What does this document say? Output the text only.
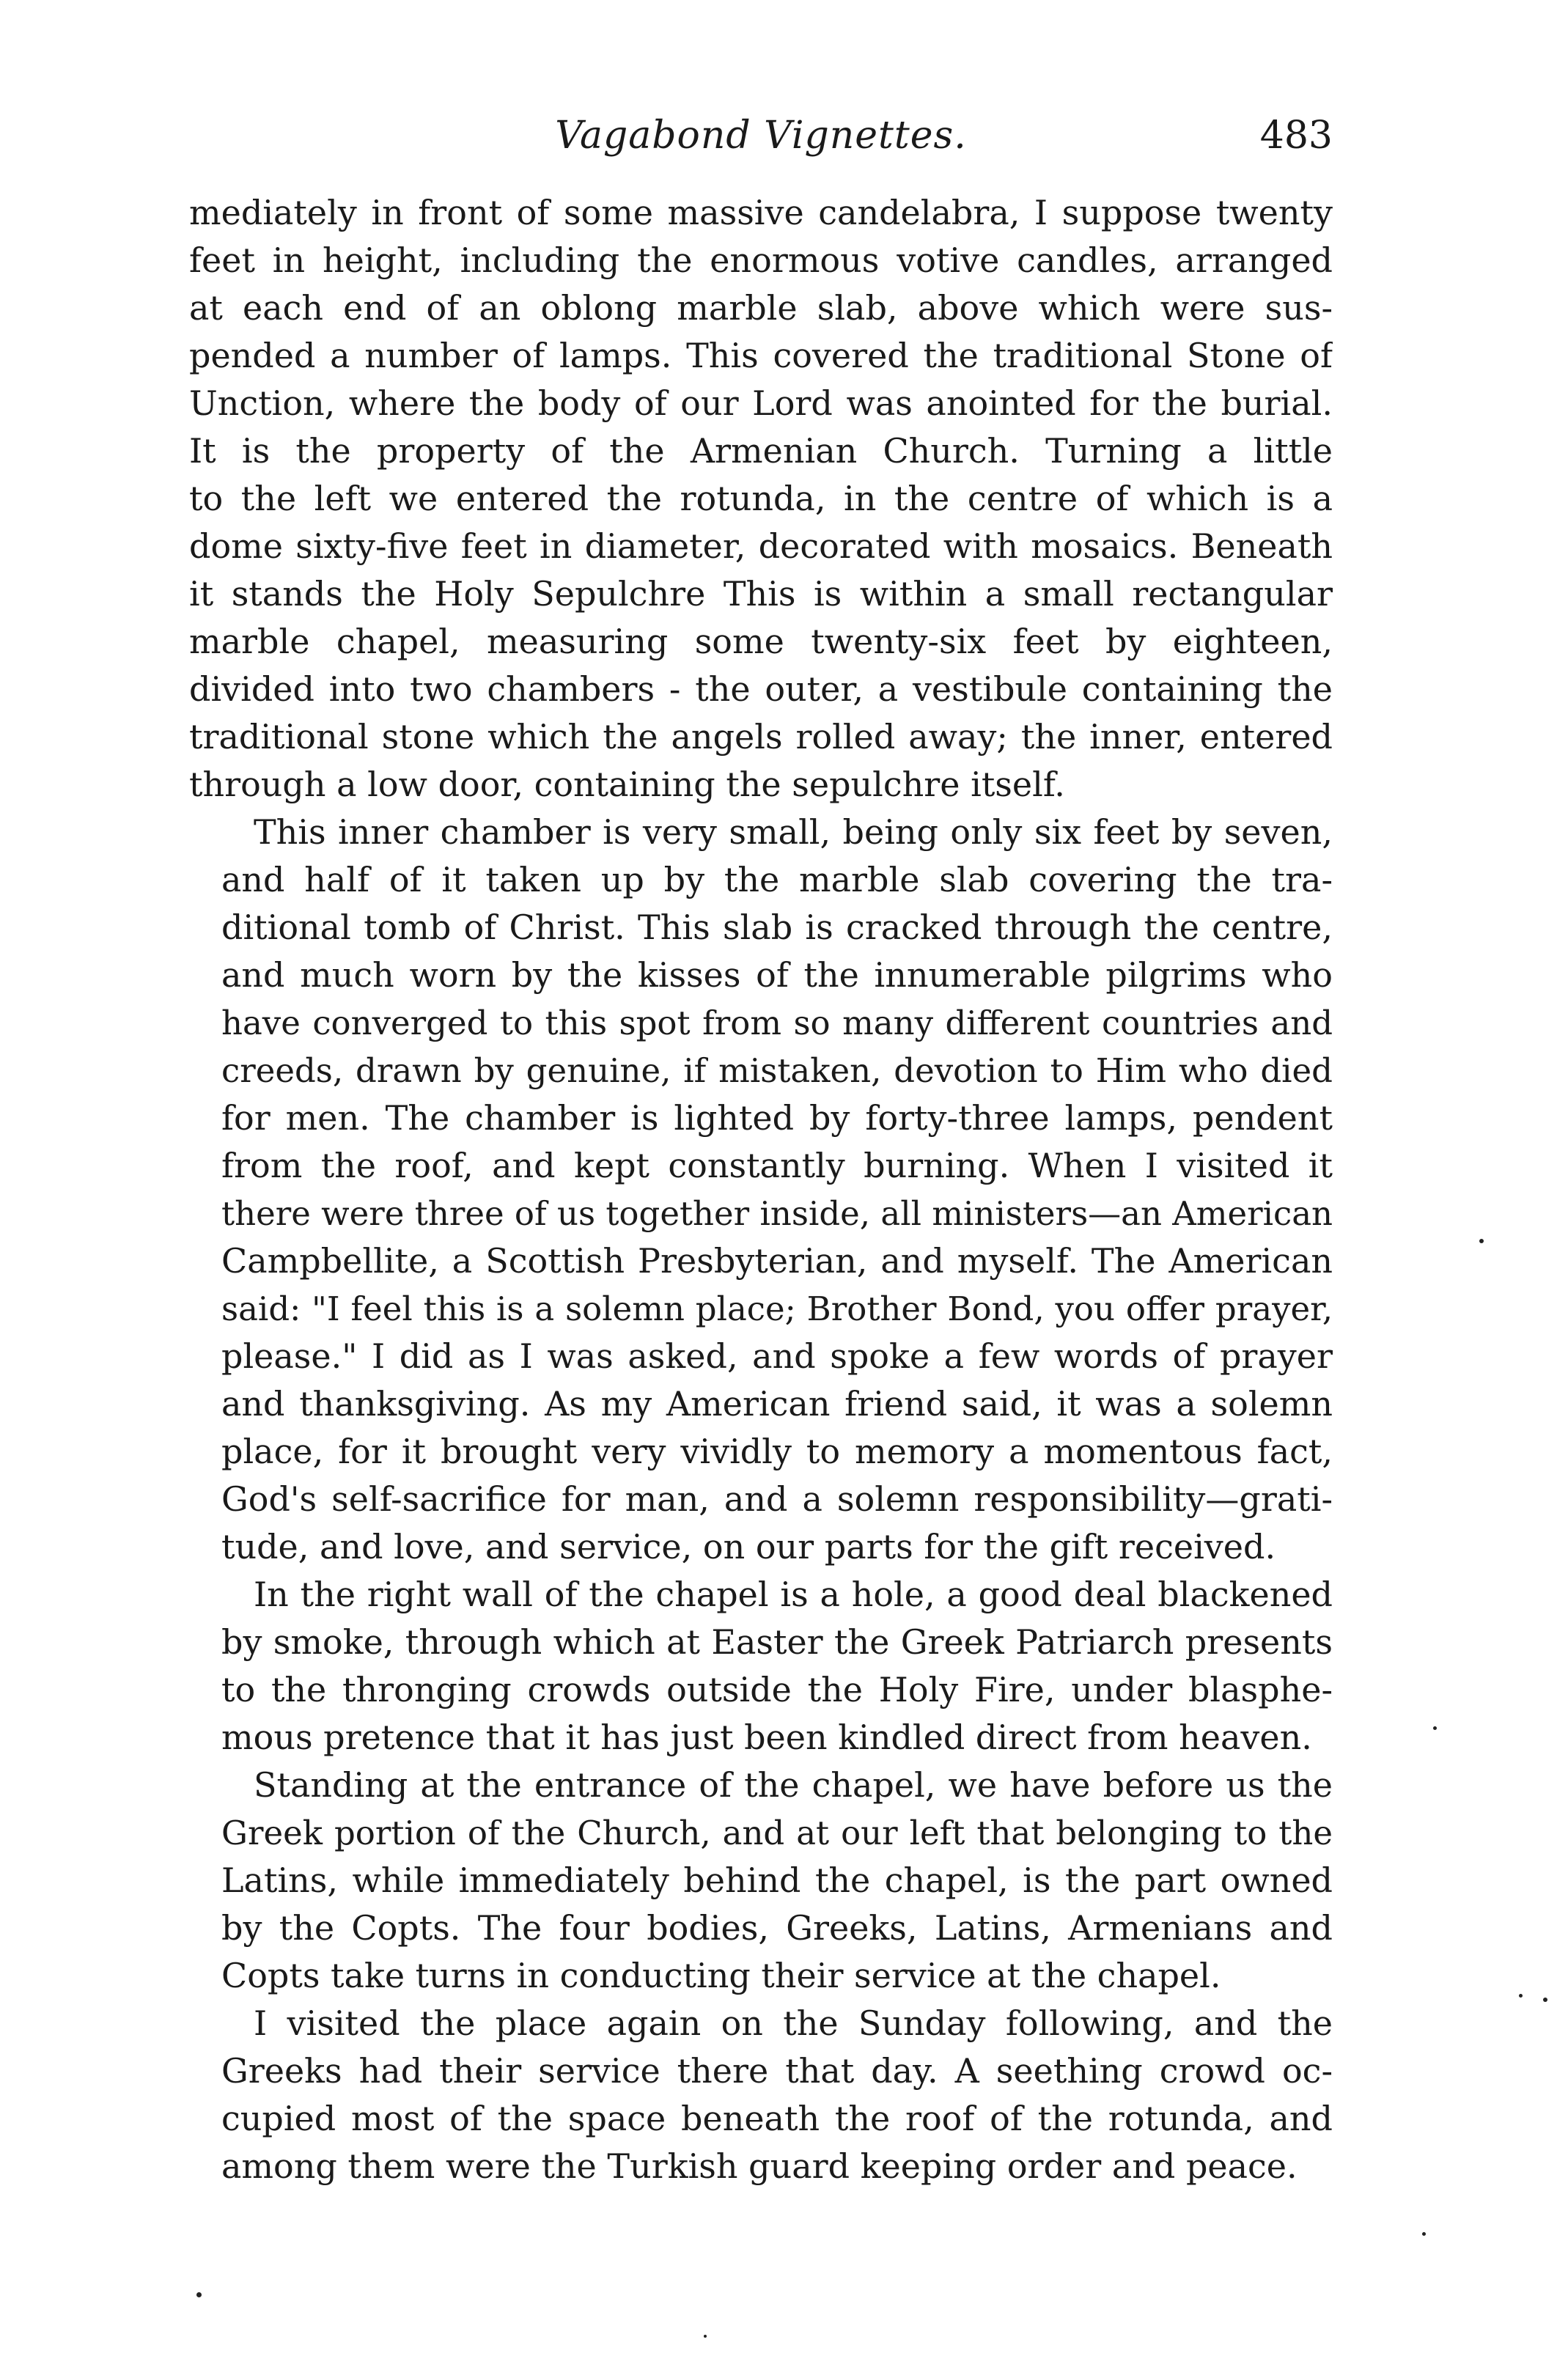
Vagabond Vignettes.	483
mediately in front of some massive candelabra, I suppose twenty
feet in height, including the enormous votive candles, arranged
at each end of an oblong marble slab, above which were sus-
pended a number of lamps. This covered the traditional Stone of
Unction, where the body of our Lord was anointed for the burial.
It is the property of the Armenian Church. Turning a little
to the left we entered the rotunda, in the centre of which is a
dome sixty-five feet in diameter, decorated with mosaics. Beneath
it stands the Holy Sepulchre This is within a small rectangular
marble chapel, measuring some twenty-six feet by eighteen,
divided into two chambers - the outer, a vestibule containing the
traditional stone which the angels rolled away; the inner, entered
through a low door, containing the sepulchre itself.
This inner chamber is very small, being only six feet by seven,
and half of it taken up by the marble slab covering the tra-
ditional tomb of Christ. This slab is cracked through the centre,
and much worn by the kisses of the innumerable pilgrims who
have converged to this spot from so many different countries and
creeds, drawn by genuine, if mistaken, devotion to Him who died
for men. The chamber is lighted by forty-three lamps, pendent
from the roof, and kept constantly burning. When I visited it
there were three of us together inside, all ministers—an American
Campbellite, a Scottish Presbyterian, and myself. The American
said: "I feel this is a solemn place; Brother Bond, you offer prayer,
please." I did as I was asked, and spoke a few words of prayer
and thanksgiving. As my American friend said, it was a solemn
place, for it brought very vividly to memory a momentous fact,
God's self-sacrifice for man, and a solemn responsibility—grati-
tude, and love, and service, on our parts for the gift received.
In the right wall of the chapel is a hole, a good deal blackened
by smoke, through which at Easter the Greek Patriarch presents
to the thronging crowds outside the Holy Fire, under blasphe-
mous pretence that it has just been kindled direct from heaven.
Standing at the entrance of the chapel, we have before us the
Greek portion of the Church, and at our left that belonging to the
Latins, while immediately behind the chapel, is the part owned
by the Copts. The four bodies, Greeks, Latins, Armenians and
Copts take turns in conducting their service at the chapel.
I visited the place again on the Sunday following, and the
Greeks had their service there that day. A seething crowd oc-
cupied most of the space beneath the roof of the rotunda, and
among them were the Turkish guard keeping order and peace.
